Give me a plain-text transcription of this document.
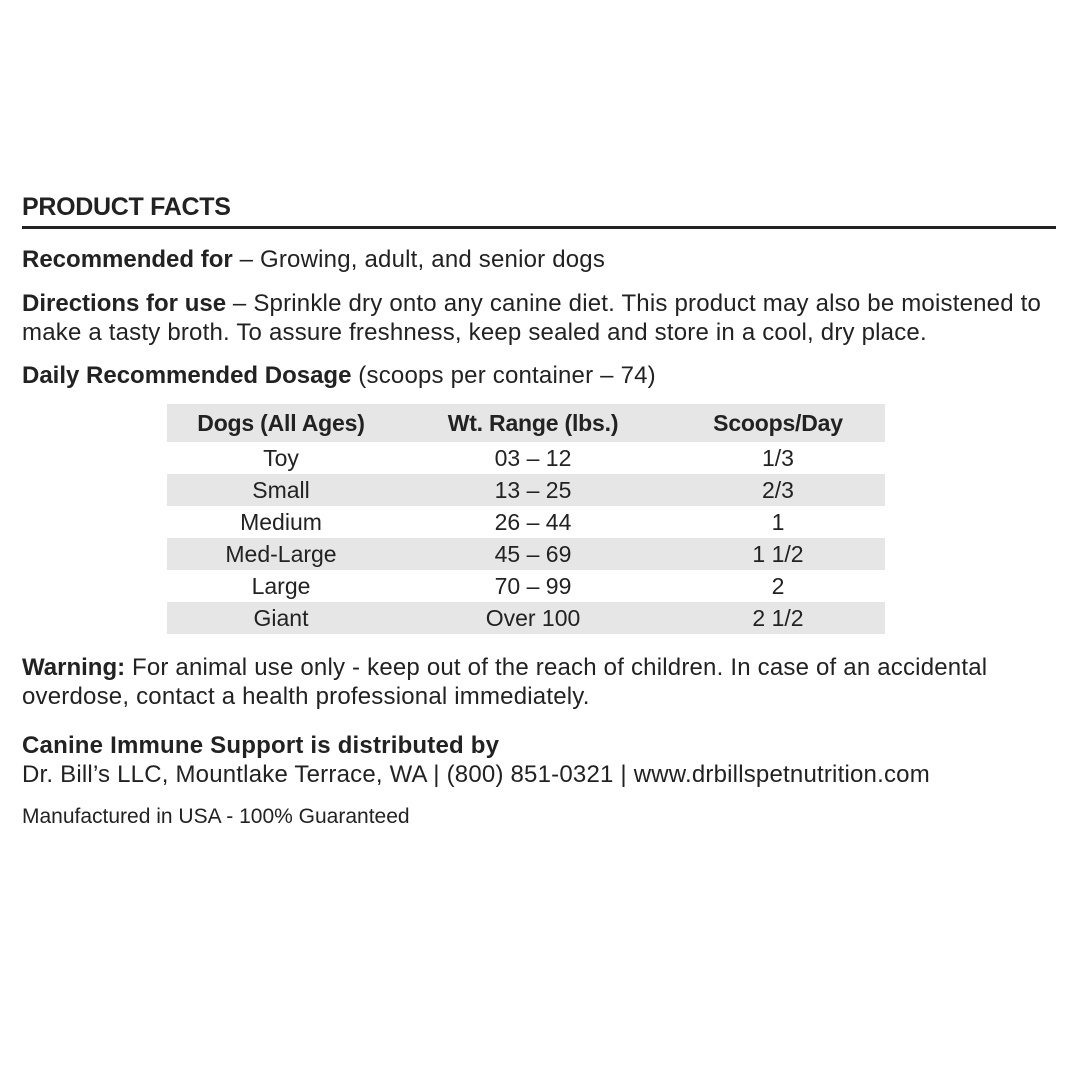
PRODUCT FACTS
Recommended for – Growing, adult, and senior dogs
Directions for use – Sprinkle dry onto any canine diet. This product may also be moistened to make a tasty broth. To assure freshness, keep sealed and store in a cool, dry place.
Daily Recommended Dosage (scoops per container – 74)
Dogs (All Ages)	Wt. Range (lbs.)	Scoops/Day
Toy	03 – 12	1/3
Small	13 – 25	2/3
Medium	26 – 44	1
Med-Large	45 – 69	1 1/2
Large	70 – 99	2
Giant	Over 100	2 1/2
Warning: For animal use only - keep out of the reach of children. In case of an accidental overdose, contact a health professional immediately.
Canine Immune Support is distributed by
Dr. Bill’s LLC, Mountlake Terrace, WA | (800) 851-0321 | www.drbillspetnutrition.com
Manufactured in USA - 100% Guaranteed
